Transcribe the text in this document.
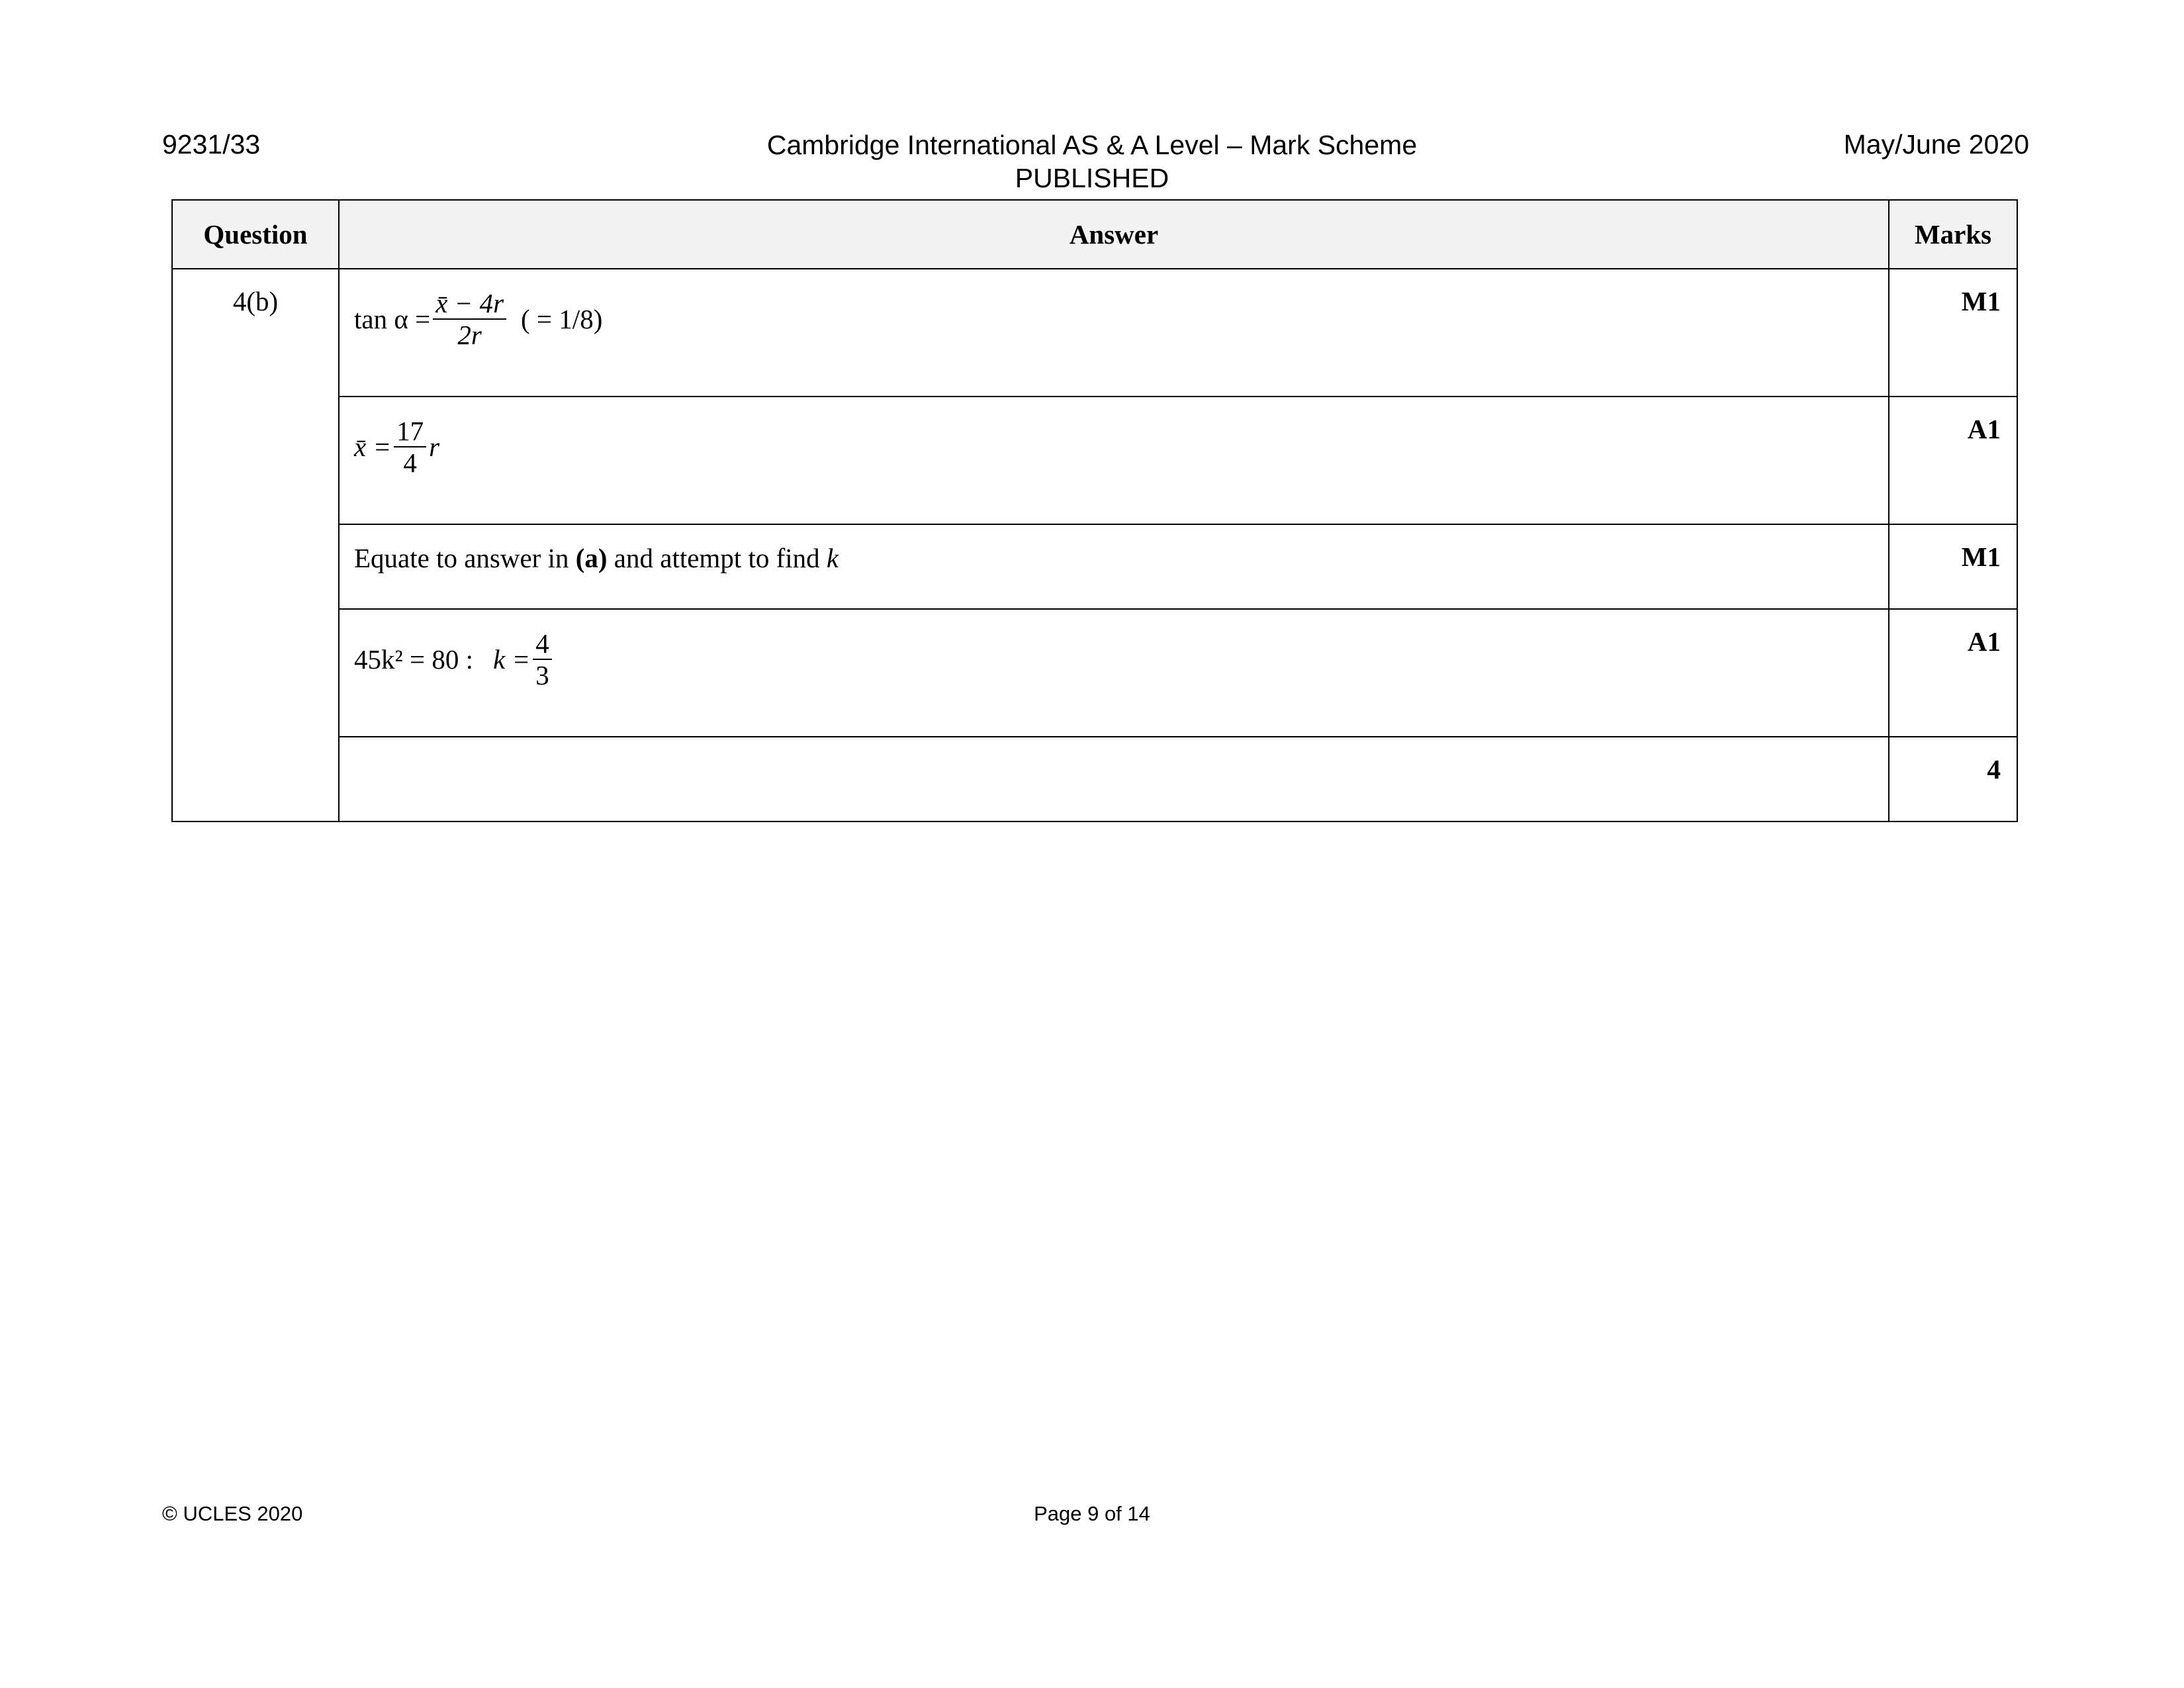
9231/33	Cambridge International AS & A Level – Mark Scheme
PUBLISHED
May/June 2020
Question	Answer	Marks
4(b)	$\tan \alpha = \frac{x̄ - 4r}{2r}$ ( = 1/8)	M1

	x̄ = $\frac{17}{4}$ r	A1
	Equate to answer in (a) and attempt to find k	M1

	45k² = 80 : $k = \frac{4}{3}$	A1
		4
© UCLES 2020	Page 9 of 14
